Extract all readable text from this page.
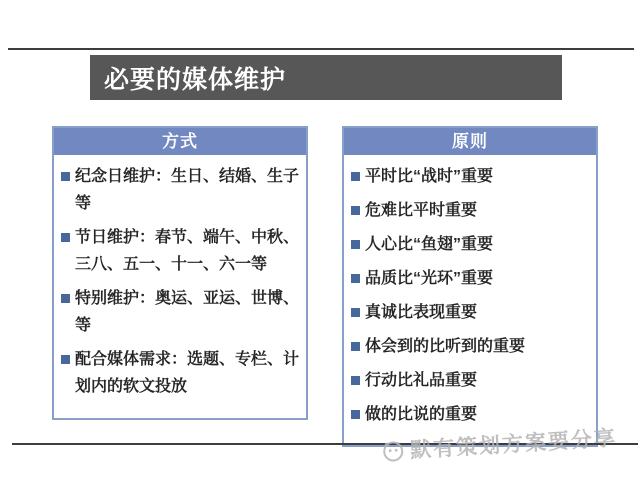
必要的媒体维护
方式
纪念日维护：生日、结婚、生子等
节日维护：春节、端午、中秋、三八、五一、十一、六一等
特别维护：奥运、亚运、世博、等
配合媒体需求：选题、专栏、计划内的软文投放
原则
平时比“战时”重要
危难比平时重要
人心比“鱼翅”重要
品质比“光环”重要
真诚比表现重要
体会到的比听到的重要
行动比礼品重要
做的比说的重要
默有策划方案要分享
